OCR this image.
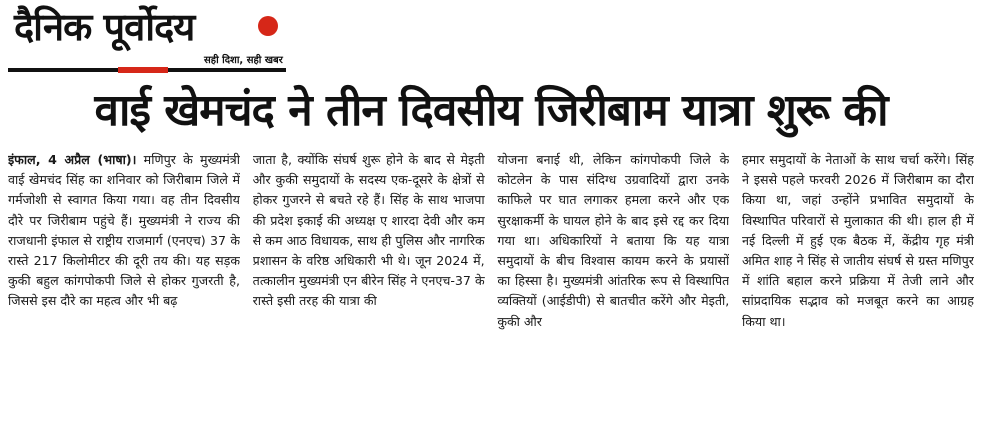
दैनिक पूर्वोदय
सही दिशा, सही खबर
वाई खेमचंद ने तीन दिवसीय जिरीबाम यात्रा शुरू की

इंफाल, 4 अप्रैल (भाषा)। मणिपुर के मुख्यमंत्री वाई खेमचंद सिंह का शनिवार को जिरीबाम जिले में गर्मजोशी से स्वागत किया गया। वह तीन दिवसीय दौरे पर जिरीबाम पहुंचे हैं। मुख्यमंत्री ने राज्य की राजधानी इंफाल से राष्ट्रीय राजमार्ग (एनएच) 37 के रास्ते 217 किलोमीटर की दूरी तय की। यह सड़क कुकी बहुल कांगपोकपी जिले से होकर गुजरती है, जिससे इस दौरे का महत्व और भी बढ़

जाता है, क्योंकि संघर्ष शुरू होने के बाद से मेइती और कुकी समुदायों के सदस्य एक-दूसरे के क्षेत्रों से होकर गुजरने से बचते रहे हैं। सिंह के साथ भाजपा की प्रदेश इकाई की अध्यक्ष ए शारदा देवी और कम से कम आठ विधायक, साथ ही पुलिस और नागरिक प्रशासन के वरिष्ठ अधिकारी भी थे। जून 2024 में, तत्कालीन मुख्यमंत्री एन बीरेन सिंह ने एनएच-37 के रास्ते इसी तरह की यात्रा की

योजना बनाई थी, लेकिन कांगपोकपी जिले के कोटलेन के पास संदिग्ध उग्रवादियों द्वारा उनके काफिले पर घात लगाकर हमला करने और एक सुरक्षाकर्मी के घायल होने के बाद इसे रद्द कर दिया गया था। अधिकारियों ने बताया कि यह यात्रा समुदायों के बीच विश्वास कायम करने के प्रयासों का हिस्सा है। मुख्यमंत्री आंतरिक रूप से विस्थापित व्यक्तियों (आईडीपी) से बातचीत करेंगे और मेइती, कुकी और

हमार समुदायों के नेताओं के साथ चर्चा करेंगे। सिंह ने इससे पहले फरवरी 2026 में जिरीबाम का दौरा किया था, जहां उन्होंने प्रभावित समुदायों के विस्थापित परिवारों से मुलाकात की थी। हाल ही में नई दिल्ली में हुई एक बैठक में, केंद्रीय गृह मंत्री अमित शाह ने सिंह से जातीय संघर्ष से ग्रस्त मणिपुर में शांति बहाल करने प्रक्रिया में तेजी लाने और सांप्रदायिक सद्भाव को मजबूत करने का आग्रह किया था।
